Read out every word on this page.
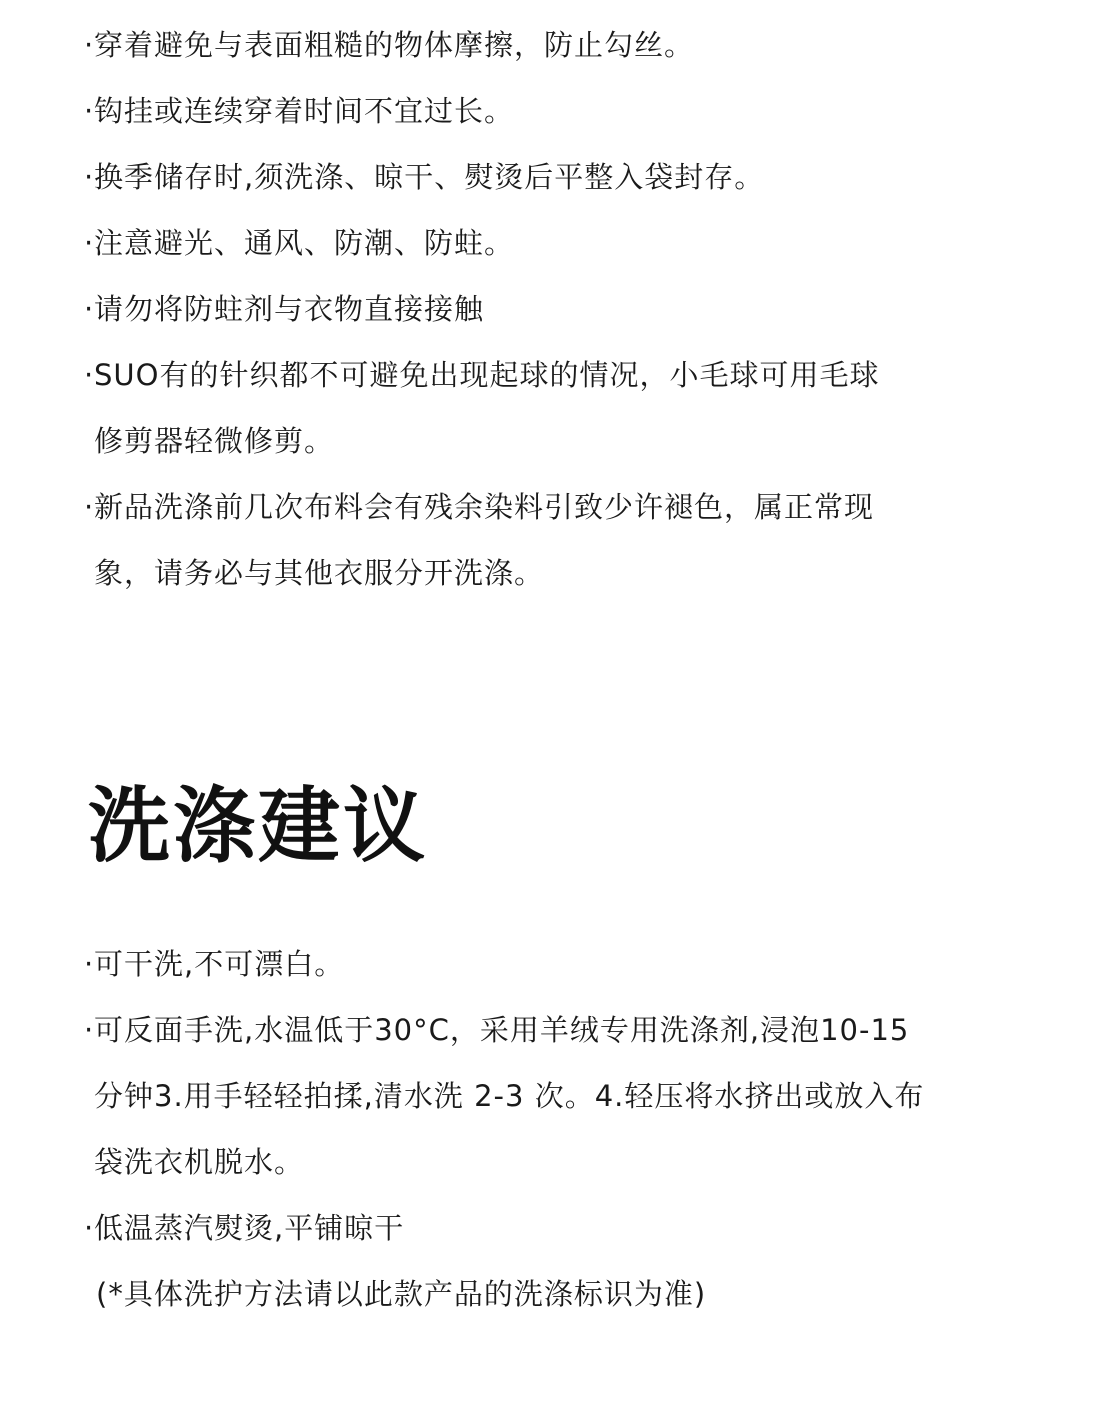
· 穿着避免与表面粗糙的物体摩擦，防止勾丝。
· 钩挂或连续穿着时间不宜过长。
· 换季储存时,须洗涤、晾干、熨烫后平整入袋封存。
· 注意避光、通风、防潮、防蛀。
· 请勿将防蛀剂与衣物直接接触
· SUO有的针织都不可避免出现起球的情况，小毛球可用毛球
修剪器轻微修剪。
· 新品洗涤前几次布料会有残余染料引致少许褪色，属正常现
象，请务必与其他衣服分开洗涤。
洗涤建议
· 可干洗,不可漂白。
· 可反面手洗,水温低于30°C，采用羊绒专用洗涤剂,浸泡10-15
分钟3.用手轻轻拍揉,清水洗 2-3 次。4.轻压将水挤出或放入布
袋洗衣机脱水。
· 低温蒸汽熨烫,平铺晾干
(*具体洗护方法请以此款产品的洗涤标识为准)
